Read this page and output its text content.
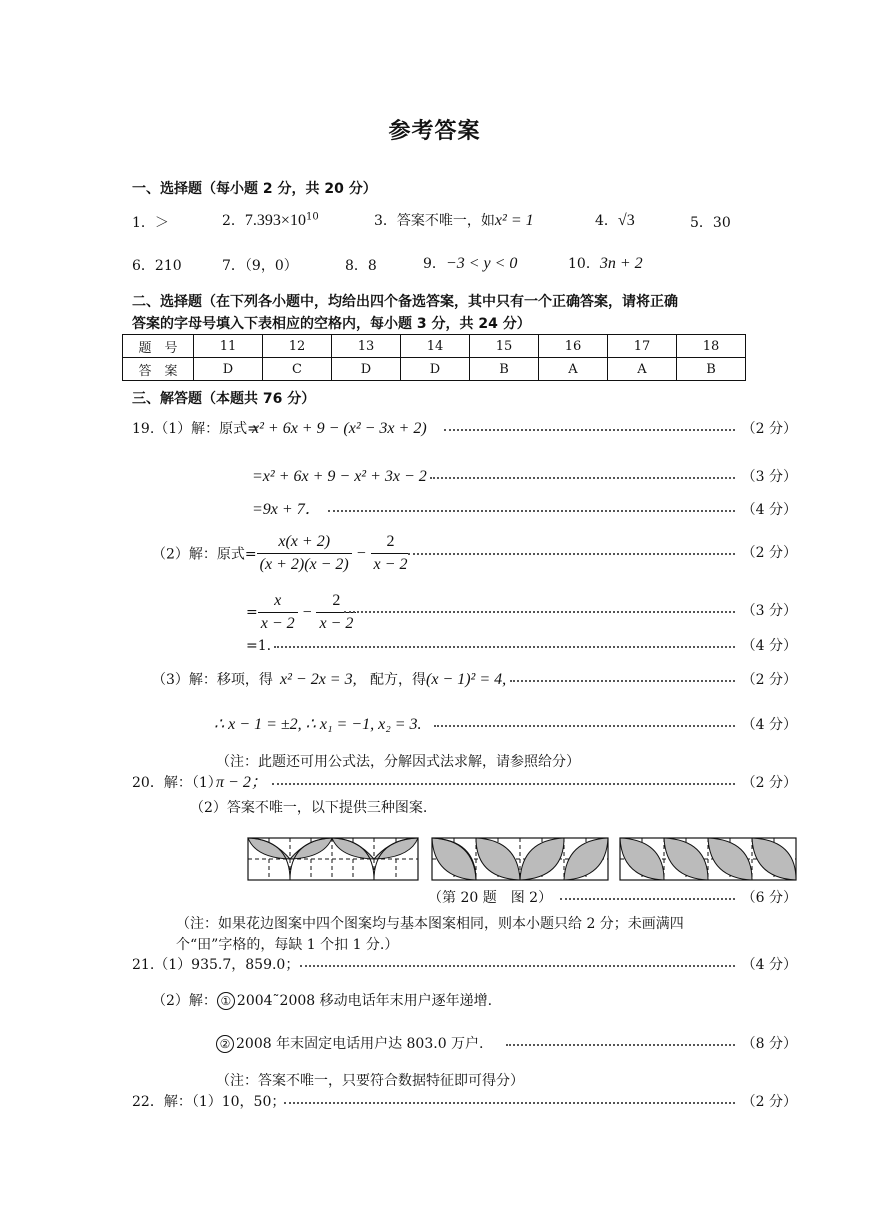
参考答案
一、选择题（每小题 2 分，共 20 分）
1．＞	2．$7.393\times 10^{10}$	3．答案不唯一，如x² = 1	4．√3	5．30
6．210	7．（9，0）	8．8	9．−3 < y < 0	10．3n + 2
二、选择题（在下列各小题中，均给出四个备选答案，其中只有一个正确答案，请将正确
答案的字母号填入下表相应的空格内，每小题 3 分，共 24 分）
题　号	11	12	13	14	15	16	17	18
答　案	D	C	D	D	B	A	A	B
三、解答题（本题共 76 分）
19.（1）解：原式=
x² + 6x + 9 − (x² − 3x + 2)	（2 分）
=x² + 6x + 9 − x² + 3x − 2	（3 分）
=9x + 7．	（4 分）
（2）解：原式= $\frac{x(x + 2)}{(x + 2)(x - 2)} - \frac{2}{x - 2}$	（2 分）
= $\frac{x}{x - 2} - \frac{2}{x - 2}$	（3 分）
=1.	（4 分）
（3）解：移项，得 x² − 2x = 3, 配方，得 (x − 1)² = 4,	（2 分）
∴ x − 1 = ±2, ∴ x₁ = −1, x₂ = 3.	（4 分）
（注：此题还可用公式法，分解因式法求解，请参照给分）
20．解：（1）
π − 2；	（2 分）
（2）答案不唯一，以下提供三种图案.
（第 20 题　图 2）	（6 分）
（注：如果花边图案中四个图案均与基本图案相同，则本小题只给 2 分；未画满四
个“田”字格的，每缺 1 个扣 1 分.）
21.（1）935.7，859.0；	（4 分）
（2）解： ① 2004˜2008 移动电话年末用户逐年递增.
② 2008 年末固定电话用户达 803.0 万户.	（8 分）
（注：答案不唯一，只要符合数据特征即可得分）
22．解：（1）10，50；	（2 分）
